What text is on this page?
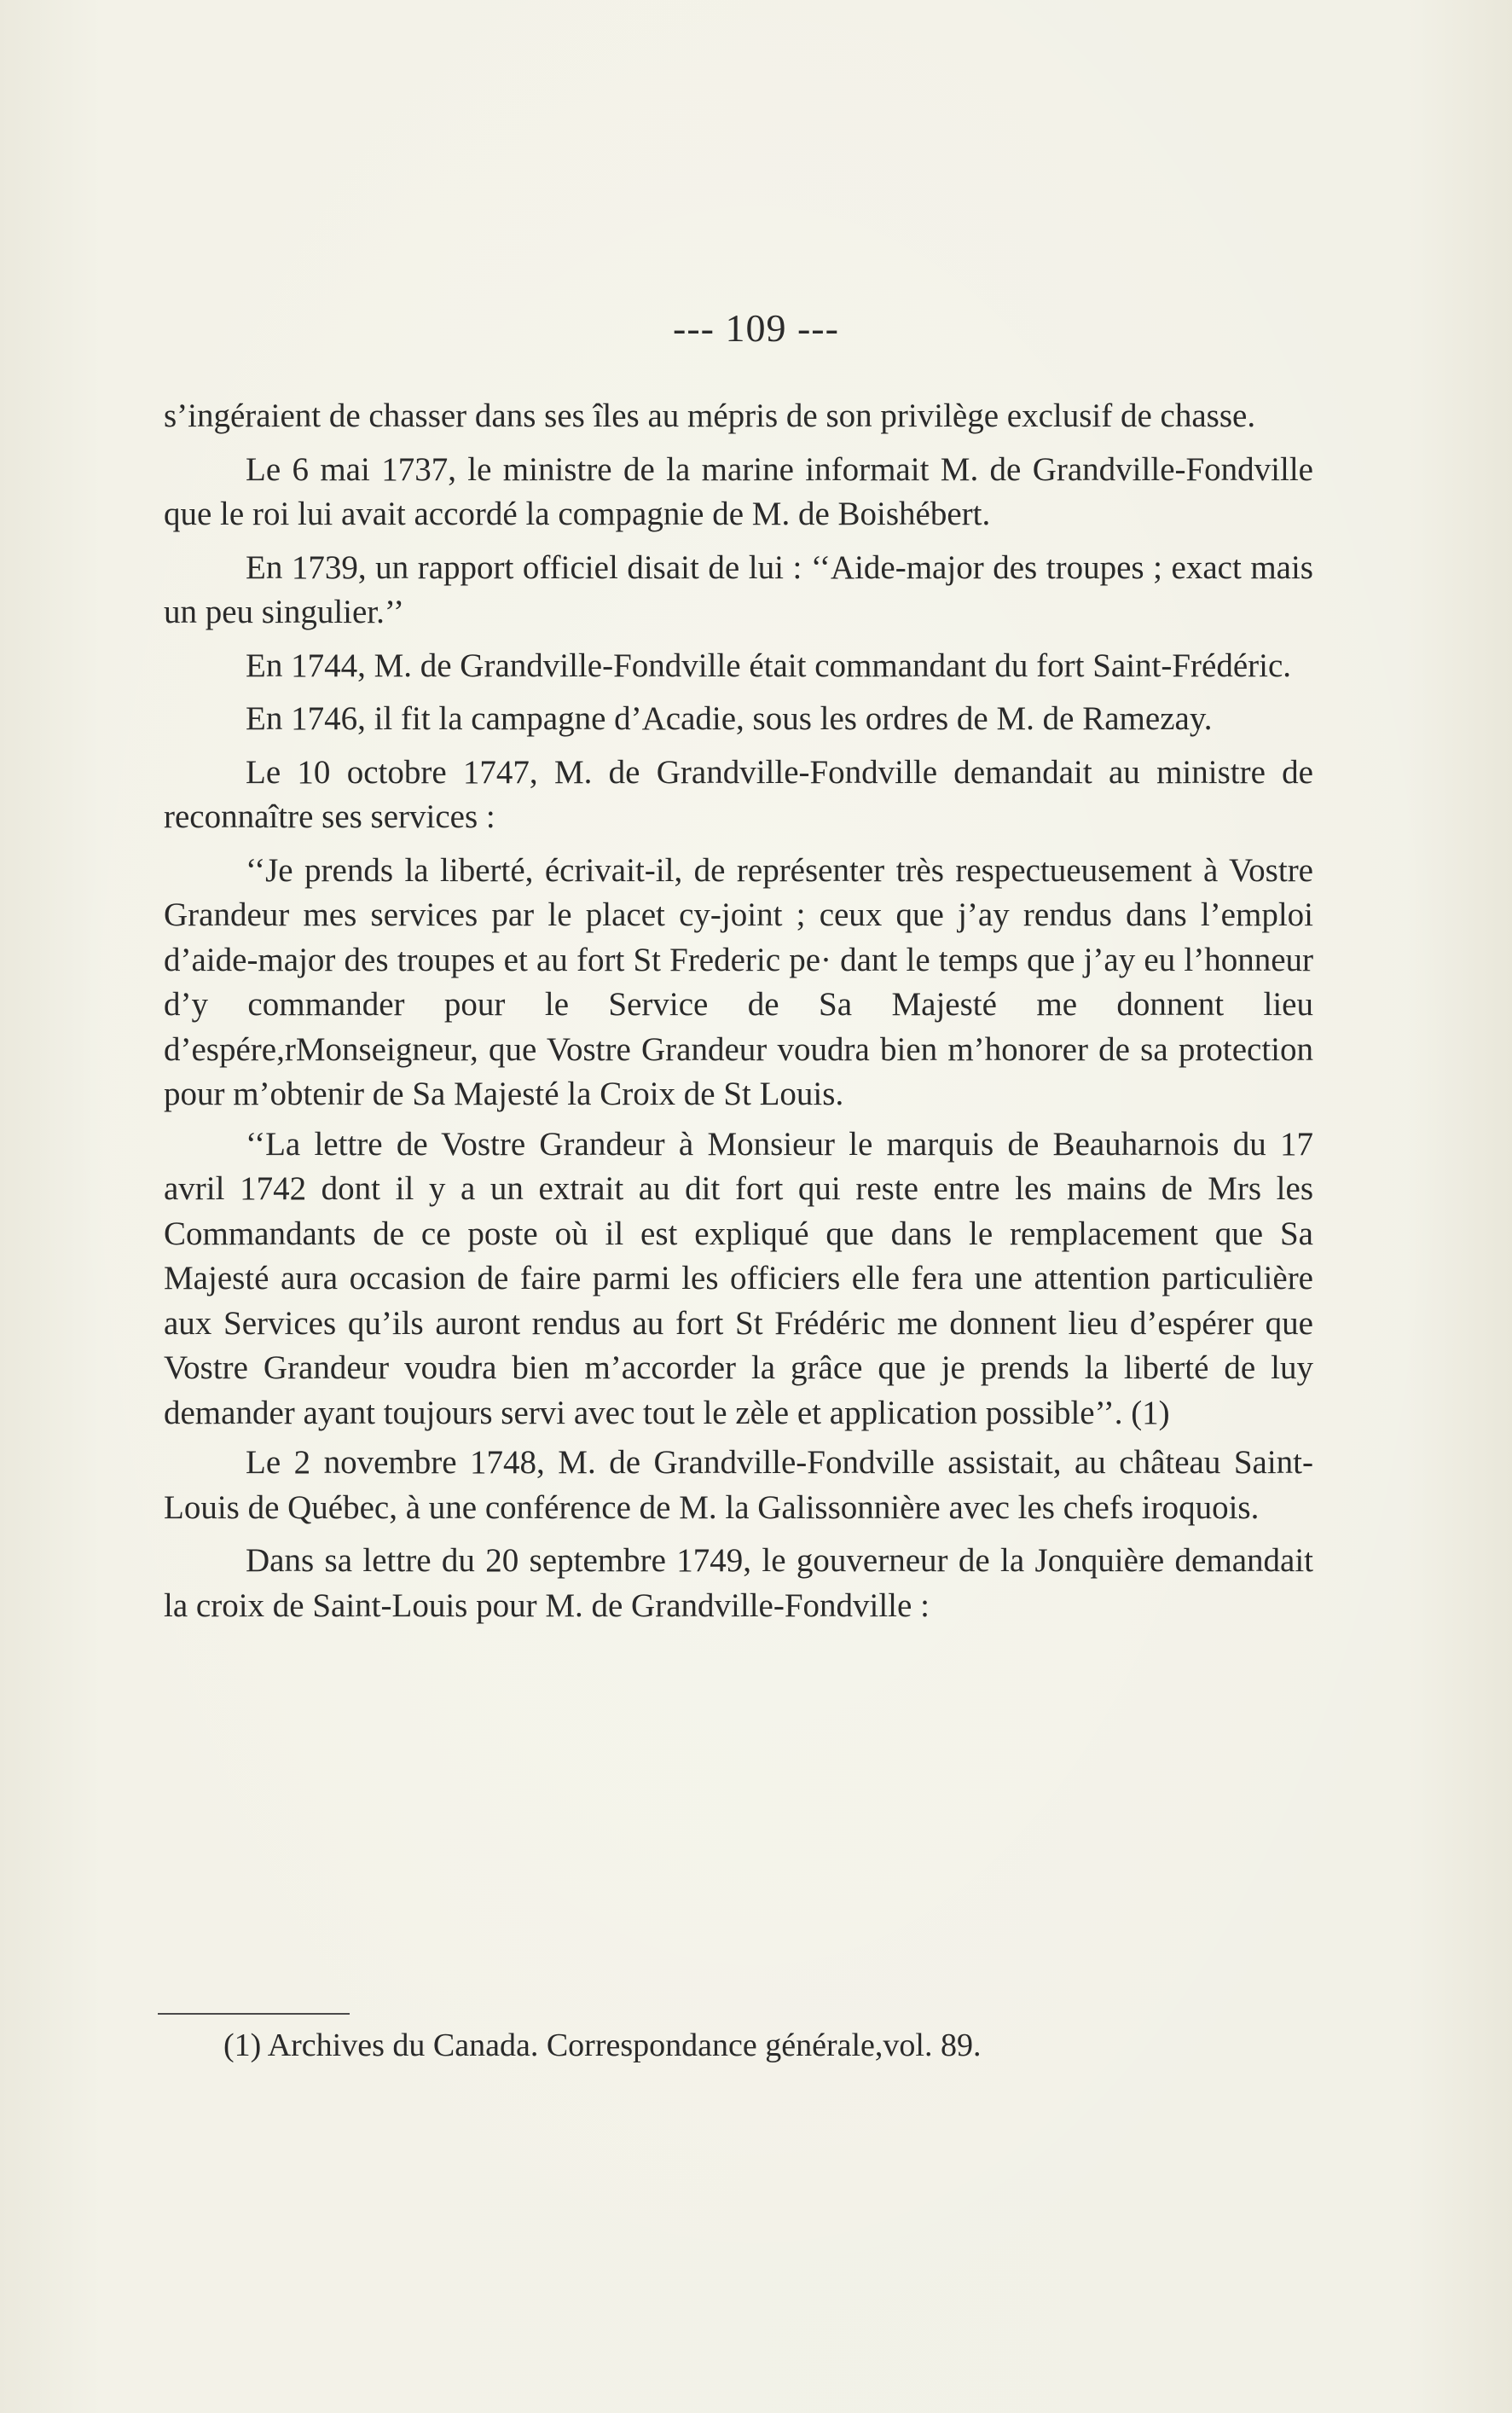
--- 109 ---

s’ingéraient de chasser dans ses îles au mépris de son privilège exclusif de chasse.

Le 6 mai 1737, le ministre de la marine informait M. de Grandville-Fondville que le roi lui avait accordé la compagnie de M. de Boishébert.

En 1739, un rapport officiel disait de lui : ‘‘Aide-major des troupes ; exact mais un peu singulier.’’

En 1744, M. de Grandville-Fondville était commandant du fort Saint-Frédéric.

En 1746, il fit la campagne d’Acadie, sous les ordres de M. de Ramezay.

Le 10 octobre 1747, M. de Grandville-Fondville demandait au ministre de reconnaître ses services :

‘‘Je prends la liberté, écrivait-il, de représenter très respectueusement à Vostre Grandeur mes services par le placet cy-joint ; ceux que j’ay rendus dans l’emploi d’aide-major des troupes et au fort St Frederic pe· dant le temps que j’ay eu l’honneur d’y commander pour le Service de Sa Majesté me donnent lieu d’espére,rMonseigneur, que Vostre Grandeur voudra bien m’honorer de sa protection pour m’obtenir de Sa Majesté la Croix de St Louis.

‘‘La lettre de Vostre Grandeur à Monsieur le marquis de Beauharnois du 17 avril 1742 dont il y a un extrait au dit fort qui reste entre les mains de Mrs les Commandants de ce poste où il est expliqué que dans le remplacement que Sa Majesté aura occasion de faire parmi les officiers elle fera une attention particulière aux Services qu’ils auront rendus au fort St Frédéric me donnent lieu d’espérer que Vostre Grandeur voudra bien m’accorder la grâce que je prends la liberté de luy demander ayant toujours servi avec tout le zèle et application possible’’. (1)

Le 2 novembre 1748, M. de Grandville-Fondville assistait, au château Saint-Louis de Québec, à une conférence de M. la Galissonnière avec les chefs iroquois.

Dans sa lettre du 20 septembre 1749, le gouverneur de la Jonquière demandait la croix de Saint-Louis pour M. de Grandville-Fondville :

(1) Archives du Canada. Correspondance générale,vol. 89.
